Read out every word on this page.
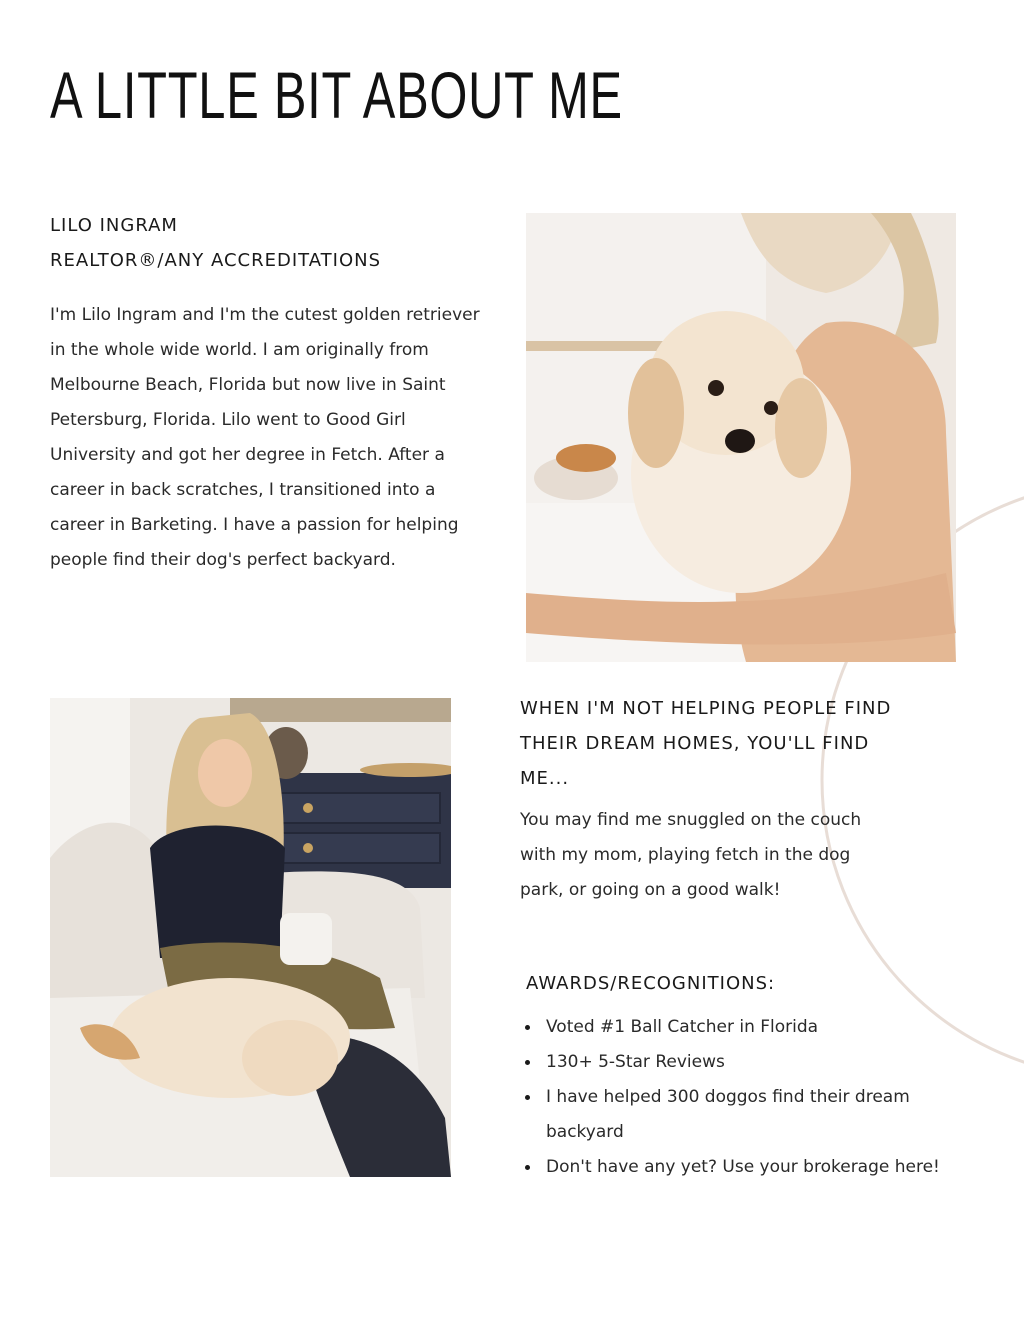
A LITTLE BIT ABOUT ME
LILO INGRAM
REALTOR®/ANY ACCREDITATIONS

I'm Lilo Ingram and I'm the cutest golden retriever in the whole wide world. I am originally from Melbourne Beach, Florida but now live in Saint Petersburg, Florida. Lilo went to Good Girl University and got her degree in Fetch. After a career in back scratches, I transitioned into a career in Barketing. I have a passion for helping people find their dog's perfect backyard.

WHEN I'M NOT HELPING PEOPLE FIND THEIR DREAM HOMES, YOU'LL FIND ME...

You may find me snuggled on the couch with my mom, playing fetch in the dog park, or going on a good walk!

AWARDS/RECOGNITIONS:
Voted #1 Ball Catcher in Florida
130+ 5-Star Reviews
I have helped 300 doggos find their dream backyard
Don't have any yet? Use your brokerage here!
